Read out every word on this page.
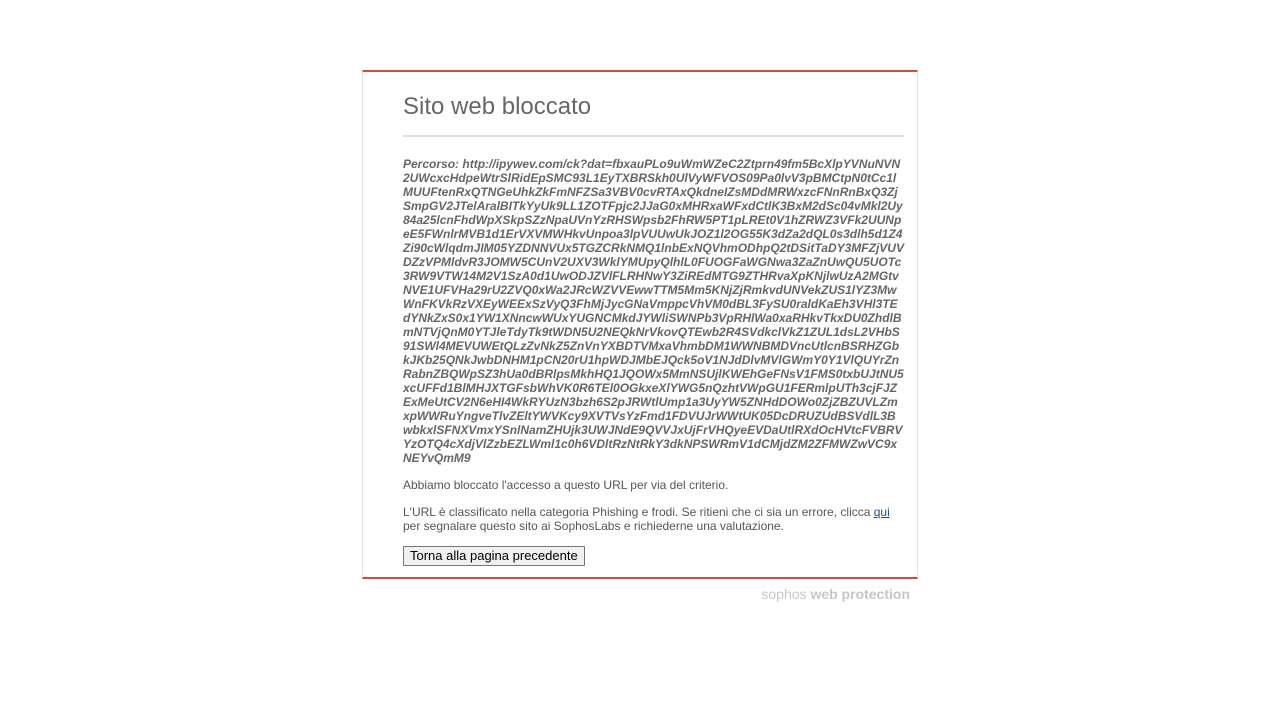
Sito web bloccato
Percorso: http://ipywev.com/ck?dat=fbxauPLo9uWmWZeC2Ztprn49fm5BcXlpYVNuNVN2UWcxcHdpeWtrSlRidEpSMC93L1EyTXBRSkh0UlVyWFVOS09Pa0lvV3pBMCtpN0tCc1lMUUFtenRxQTNGeUhkZkFmNFZSa3VBV0cvRTAxQkdneIZsMDdMRWxzcFNnRnBxQ3ZjSmpGV2JTelAralBITkYyUk9LL1ZOTFpjc2JJaG0xMHRxaWFxdCtlK3BxM2dSc04vMkl2Uy84a25lcnFhdWpXSkpSZzNpaUVnYzRHSWpsb2FhRW5PT1pLREt0V1hZRWZ3VFk2UUNpeE5FWnlrMVB1d1ErVXVMWHkvUnpoa3lpVUUwUkJOZ1l2OG55K3dZa2dQL0s3dlh5d1Z4Zi90cWlqdmJIM05YZDNNVUx5TGZCRkNMQ1lnbExNQVhmODhpQ2tDSitTaDY3MFZjVUVDZzVPMldvR3JOMW5CUnV2UXV3WklYMUpyQlhlL0FUOGFaWGNwa3ZaZnUwQU5UOTc3RW9VTW14M2V1SzA0d1UwODJZVlFLRHNwY3ZiREdMTG9ZTHRvaXpKNjlwUzA2MGtvNVE1UFVHa29rU2ZVQ0xWa2JRcWZVVEwwTTM5Mm5KNjZjRmkvdUNVekZUS1lYZ3MwWnFKVkRzVXEyWEExSzVyQ3FhMjJycGNaVmppcVhVM0dBL3FySU0raldKaEh3VHl3TEdYNkZxS0x1YW1XNncwWUxYUGNCMkdJYWliSWNPb3VpRHlWa0xaRHkvTkxDU0ZhdlBmNTVjQnM0YTJleTdyTk9tWDN5U2NEQkNrVkovQTEwb2R4SVdkclVkZ1ZUL1dsL2VHbS91SWl4MEVUWEtQLzZvNkZ5ZnVnYXBDTVMxaVhmbDM1WWNBMDVncUtlcnBSRHZGbkJKb25QNkJwbDNHM1pCN20rU1hpWDJMbEJQck5oV1NJdDlvMVlGWmY0Y1VlQUYrZnRabnZBQWpSZ3hUa0dBRlpsMkhHQ1JQOWx5MmNSUjlKWEhGeFNsV1FMS0txbUJtNU5xcUFFd1BlMHJXTGFsbWhVK0R6TEl0OGkxeXlYWG5nQzhtVWpGU1FERmlpUTh3cjFJZExMeUtCV2N6eHI4WkRYUzN3bzh6S2pJRWtlUmp1a3UyYW5ZNHdDOWo0ZjZBZUVLZmxpWWRuYngveTlvZEltYWVKcy9XVTVsYzFmd1FDVUJrWWtUK05DcDRUZUdBSVdlL3BwbkxlSFNXVmxYSnlNamZHUjk3UWJNdE9QVVJxUjFrVHQyeEVDaUtlRXdOcHVtcFVBRVYzOTQ4cXdjVlZzbEZLWml1c0h6VDltRzNtRkY3dkNPSWRmV1dCMjdZM2ZFMWZwVC9xNEYvQmM9
Abbiamo bloccato l'accesso a questo URL per via del criterio.
L'URL è classificato nella categoria Phishing e frodi. Se ritieni che ci sia un errore, clicca qui
per segnalare questo sito ai SophosLabs e richiederne una valutazione.
Torna alla pagina precedente
sophos web protection
